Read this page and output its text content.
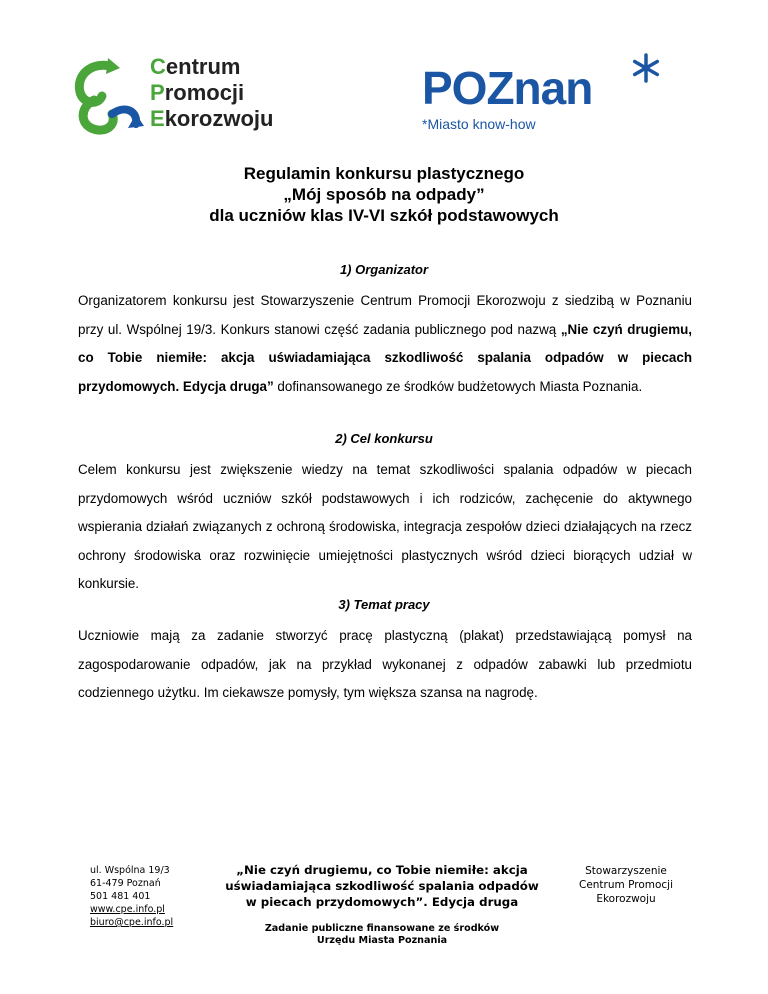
Centrum
Promocji
Ekorozwoju
POZnan
*Miasto know-how
Regulamin konkursu plastycznego
„Mój sposób na odpady”
dla uczniów klas IV-VI szkół podstawowych
1) Organizator
Organizatorem konkursu jest Stowarzyszenie Centrum Promocji Ekorozwoju z siedzibą w Poznaniu przy ul. Wspólnej 19/3. Konkurs stanowi część zadania publicznego pod nazwą „Nie czyń drugiemu, co Tobie niemiłe: akcja uświadamiająca szkodliwość spalania odpadów w piecach przydomowych. Edycja druga” dofinansowanego ze środków budżetowych Miasta Poznania.
2) Cel konkursu
Celem konkursu jest zwiększenie wiedzy na temat szkodliwości spalania odpadów w piecach przydomowych wśród uczniów szkół podstawowych i ich rodziców, zachęcenie do aktywnego wspierania działań związanych z ochroną środowiska, integracja zespołów dzieci działających na rzecz ochrony środowiska oraz rozwinięcie umiejętności plastycznych wśród dzieci biorących udział w konkursie.
3) Temat pracy
Uczniowie mają za zadanie stworzyć pracę plastyczną (plakat) przedstawiającą pomysł na zagospodarowanie odpadów, jak na przykład wykonanej z odpadów zabawki lub przedmiotu codziennego użytku. Im ciekawsze pomysły, tym większa szansa na nagrodę.
ul. Wspólna 19/3
61-479 Poznań
501 481 401
www.cpe.info.pl
biuro@cpe.info.pl
„Nie czyń drugiemu, co Tobie niemiłe: akcja uświadamiająca szkodliwość spalania odpadów w piecach przydomowych”. Edycja druga
Zadanie publiczne finansowane ze środków
Urzędu Miasta Poznania
Stowarzyszenie
Centrum Promocji
Ekorozwoju
